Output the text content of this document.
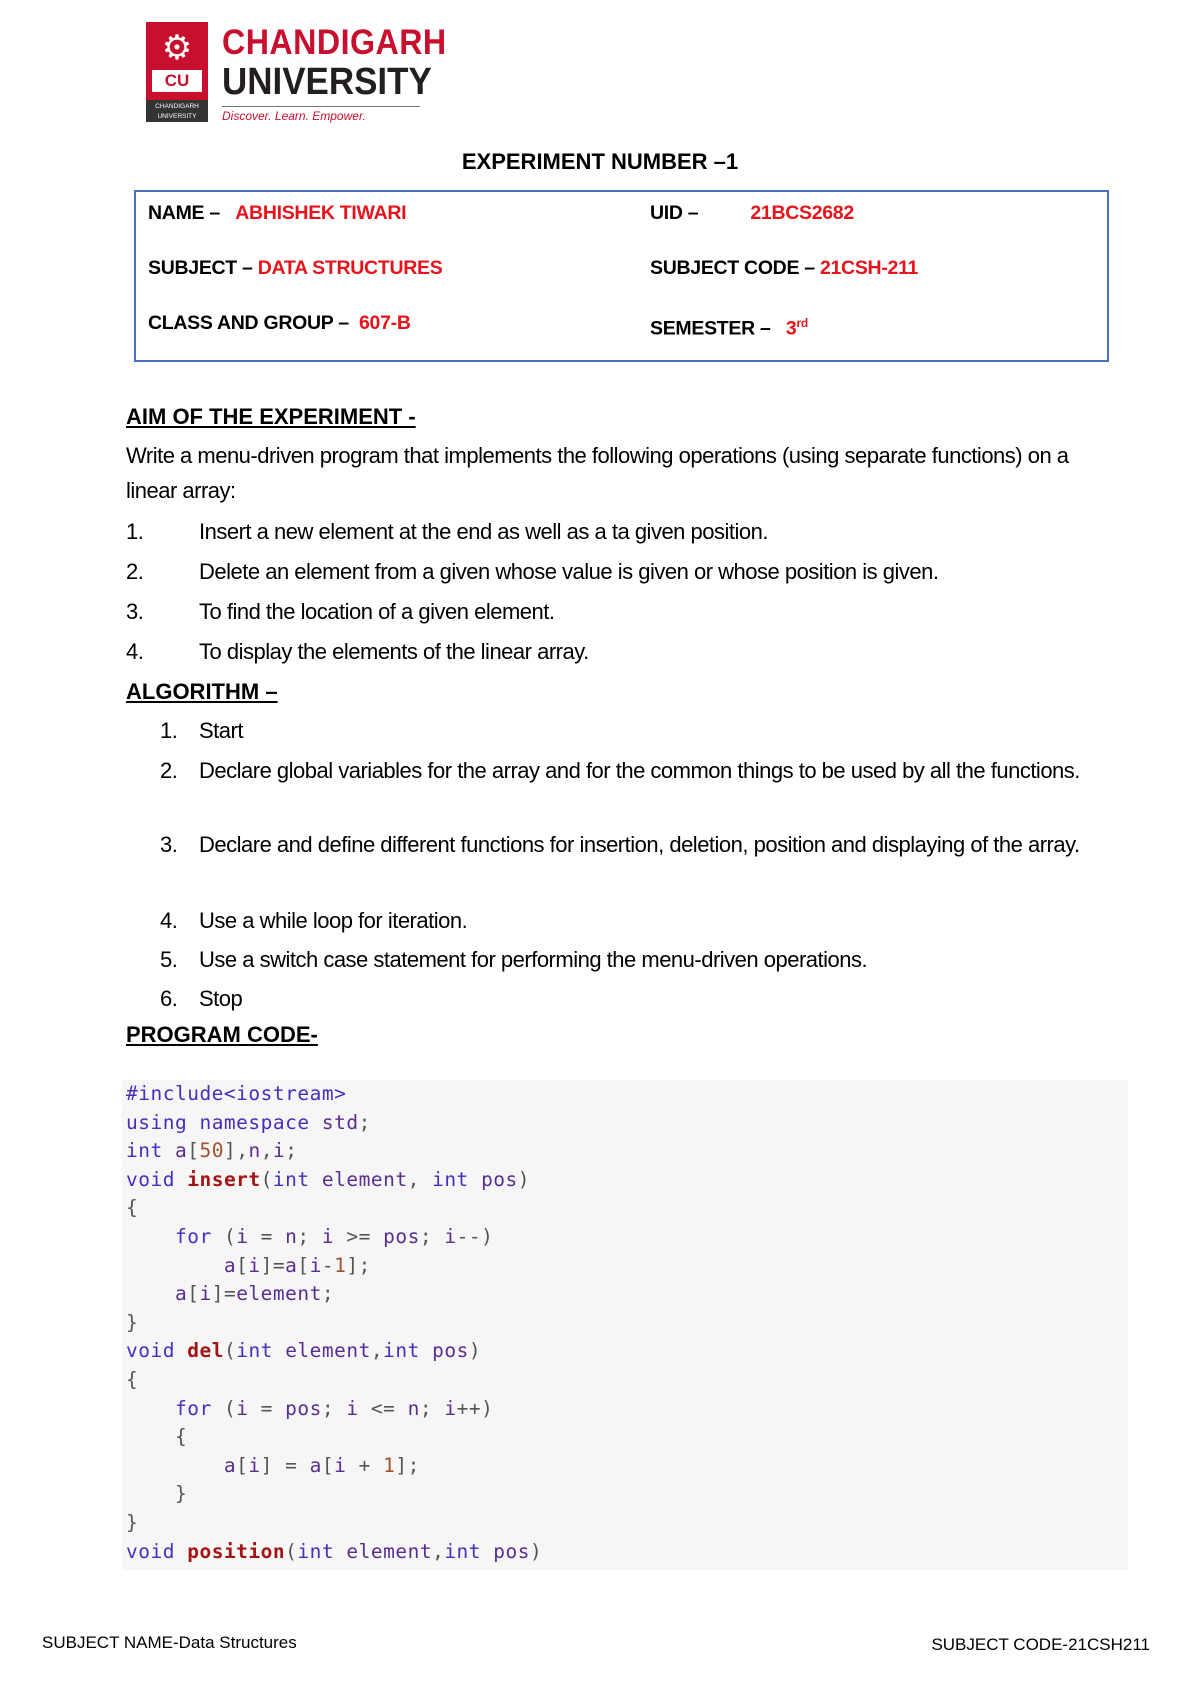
⚙
CU
CHANDIGARH UNIVERSITY
CHANDIGARH
UNIVERSITY
Discover. Learn. Empower.
EXPERIMENT NUMBER –1
NAME – ABHISHEK TIWARI	UID –	21BCS2682
SUBJECT – DATA STRUCTURES	SUBJECT CODE – 21CSH-211
CLASS AND GROUP – 607-B	SEMESTER – 3rd
AIM OF THE EXPERIMENT -
Write a menu-driven program that implements the following operations (using separate functions) on a linear array:
1.	Insert a new element at the end as well as a ta given position.
2.	Delete an element from a given whose value is given or whose position is given.
3.	To find the location of a given element.
4.	To display the elements of the linear array.
ALGORITHM –
1. Start
2. Declare global variables for the array and for the common things to be used by all the functions.
3. Declare and define different functions for insertion, deletion, position and displaying of the array.
4. Use a while loop for iteration.
5. Use a switch case statement for performing the menu-driven operations.
6. Stop
PROGRAM CODE-
#include<iostream>
using namespace std;
int a[50],n,i;
void insert(int element, int pos)
{
for (i = n; i >= pos; i--)
a[i]=a[i-1];
a[i]=element;
}
void del(int element,int pos)
{
for (i = pos; i <= n; i++)
{
a[i] = a[i + 1];
}
}
void position(int element,int pos)
SUBJECT NAME-Data Structures	SUBJECT CODE-21CSH211
